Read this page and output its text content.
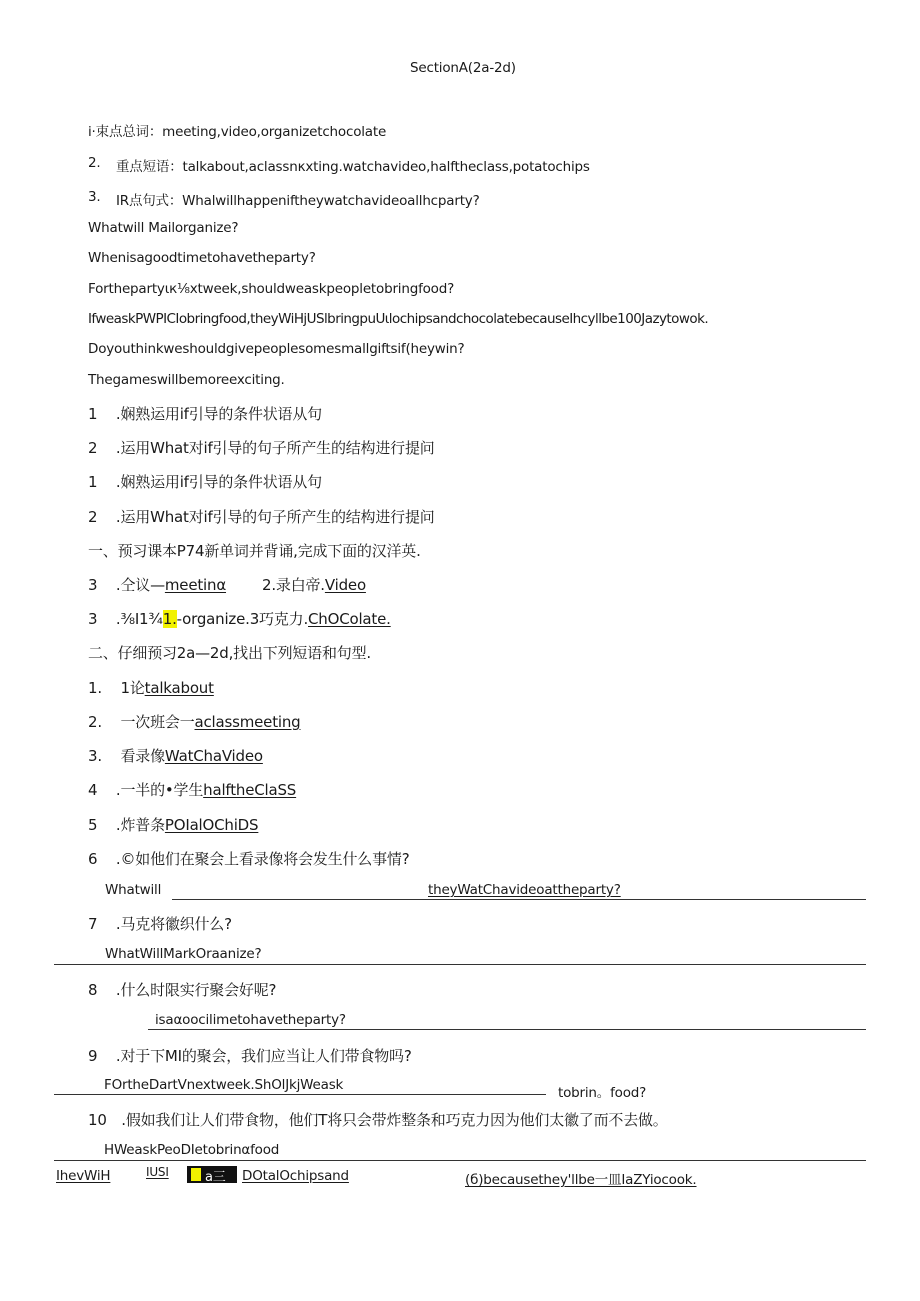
SectionA(2a-2d)
i·束点总词：meeting,video,organizetchocolate
2. 重点短语：talkabout,aclassnκxting.watchavideo,halftheclass,potatochips
3. IR点句式：Whalwillhappeniftheywatchavideoallhcparty?
Whatwill Mailorganize?
Whenisagoodtimetohavetheparty?
Forthepartyιк⅟₈xtweek,shouldweaskpeopletobringfood?
IfweaskPWPICIobringfood,theyWiHjUSlbringpuUιlochipsandchocolatebecauseIhcyllbe100Jazytowok.
Doyouthinkweshouldgivepeoplesomesmallgiftsif(heywin?
Thegameswillbemoreexciting.
1 .娴熟运用if引导的条件状语从句
2 .运用What对if引导的句子所产生的结构进行提问
1 .娴熟运用if引导的条件状语从句
2 .运用What对if引导的句子所产生的结构进行提问
一、预习课本P74新单词并背诵,完成下面的汉洋英.
3 .仝议—meetinα 2.录白帝.Video
3 .⅜I1¾1.-organize.3巧克力.ChOColate.
二、仔细预习2a—2d,找出下列短语和句型.
1. 1论talkabout
2. 一次班会一aclassmeeting
3. 看录像WatChaVideo
4 .一半的•学生halftheClaSS
5 .炸普条POIalOChiDS
6 .©如他们在聚会上看录像将会发生什么事情?
Whatwill	theyWatChavideoattheparty?
7 .马克将徽织什么?
WhatWillMarkOraanize?
8 .什么时限实行聚会好呢?
isaαoocilimetohavetheparty?
9 .对于下MI的聚会，我们应当让人们带食物吗?
FOrtheDartVnextweek.ShOlJkjWeask	tobrin。food?
10 .假如我们让人们带食物，他们T将只会带炸整条和巧克力因为他们太徽了而不去做。
HWeaskPeoDIetobrinαfood
IhevWiH	IUSI	a三 DOtalOchipsand	(б)becausethey'llbe一皿IaZYiocook.
